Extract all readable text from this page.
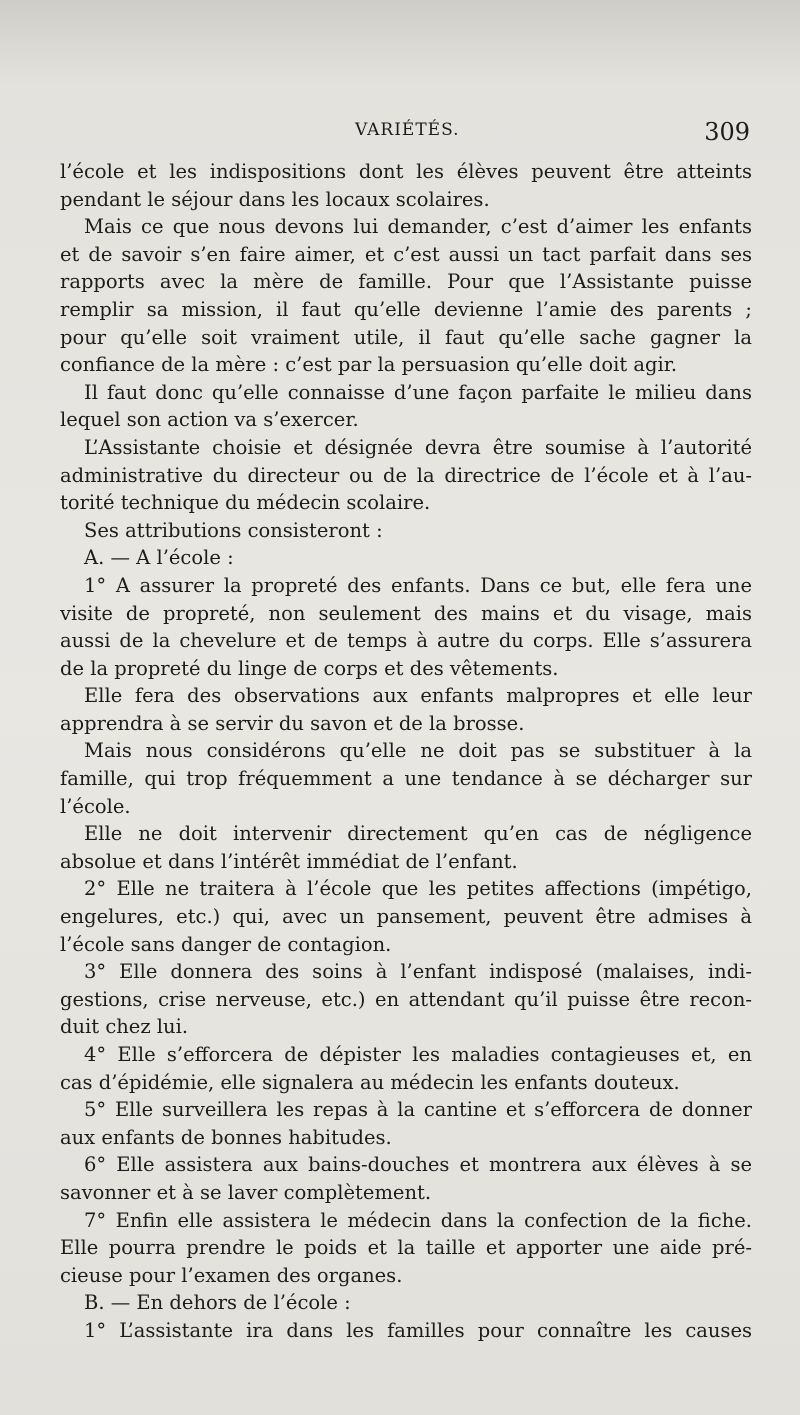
VARIÉTÉS.	309
l’école et les indispositions dont les élèves peuvent être atteints
pendant le séjour dans les locaux scolaires.
Mais ce que nous devons lui demander, c’est d’aimer les enfants
et de savoir s’en faire aimer, et c’est aussi un tact parfait dans ses
rapports avec la mère de famille. Pour que l’Assistante puisse
remplir sa mission, il faut qu’elle devienne l’amie des parents ;
pour qu’elle soit vraiment utile, il faut qu’elle sache gagner la
confiance de la mère : c’est par la persuasion qu’elle doit agir.
Il faut donc qu’elle connaisse d’une façon parfaite le milieu dans
lequel son action va s’exercer.
L’Assistante choisie et désignée devra être soumise à l’autorité
administrative du directeur ou de la directrice de l’école et à l’au-
torité technique du médecin scolaire.
Ses attributions consisteront :
A. — A l’école :
1° A assurer la propreté des enfants. Dans ce but, elle fera une
visite de propreté, non seulement des mains et du visage, mais
aussi de la chevelure et de temps à autre du corps. Elle s’assurera
de la propreté du linge de corps et des vêtements.
Elle fera des observations aux enfants malpropres et elle leur
apprendra à se servir du savon et de la brosse.
Mais nous considérons qu’elle ne doit pas se substituer à la
famille, qui trop fréquemment a une tendance à se décharger sur
l’école.
Elle ne doit intervenir directement qu’en cas de négligence
absolue et dans l’intérêt immédiat de l’enfant.
2° Elle ne traitera à l’école que les petites affections (impétigo,
engelures, etc.) qui, avec un pansement, peuvent être admises à
l’école sans danger de contagion.
3° Elle donnera des soins à l’enfant indisposé (malaises, indi-
gestions, crise nerveuse, etc.) en attendant qu’il puisse être recon-
duit chez lui.
4° Elle s’efforcera de dépister les maladies contagieuses et, en
cas d’épidémie, elle signalera au médecin les enfants douteux.
5° Elle surveillera les repas à la cantine et s’efforcera de donner
aux enfants de bonnes habitudes.
6° Elle assistera aux bains-douches et montrera aux élèves à se
savonner et à se laver complètement.
7° Enfin elle assistera le médecin dans la confection de la fiche.
Elle pourra prendre le poids et la taille et apporter une aide pré-
cieuse pour l’examen des organes.
B. — En dehors de l’école :
1° L’assistante ira dans les familles pour connaître les causes
